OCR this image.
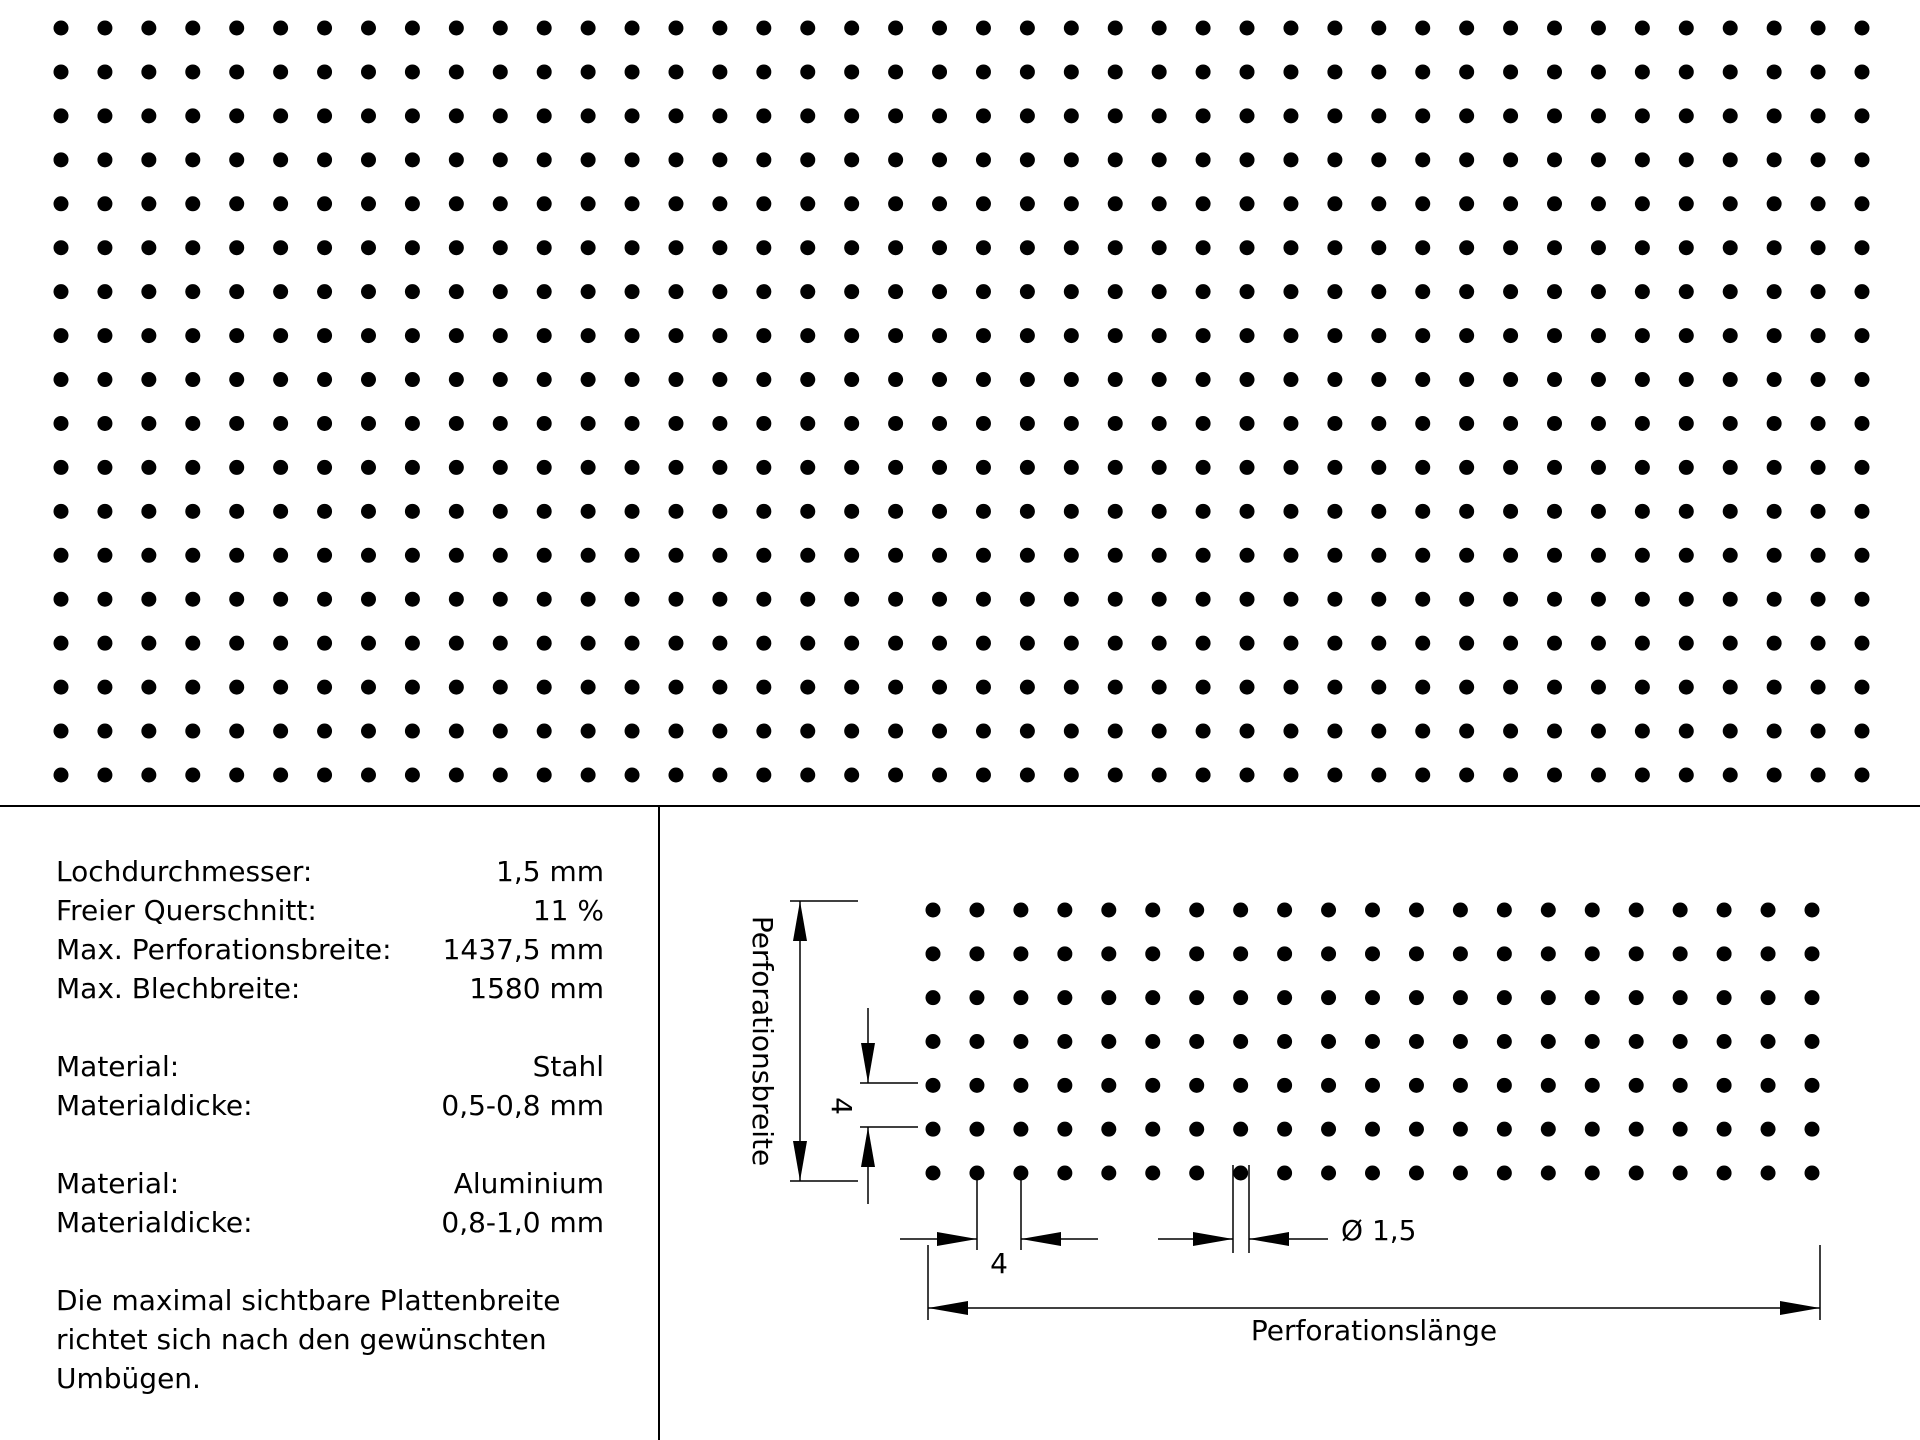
Lochdurchmesser:	1,5 mm
Freier Querschnitt:	11 %
Max. Perforationsbreite: 1437,5 mm
Max. Blechbreite:	1580 mm
Material:	Stahl
Materialdicke:	0,5-0,8 mm
Material:	Aluminium
Materialdicke:	0,8-1,0 mm
Die maximal sichtbare Plattenbreite richtet sich nach den gewünschten Umbügen.
Perforationsbreite 4
4
Ø 1,5
Perforationslänge
